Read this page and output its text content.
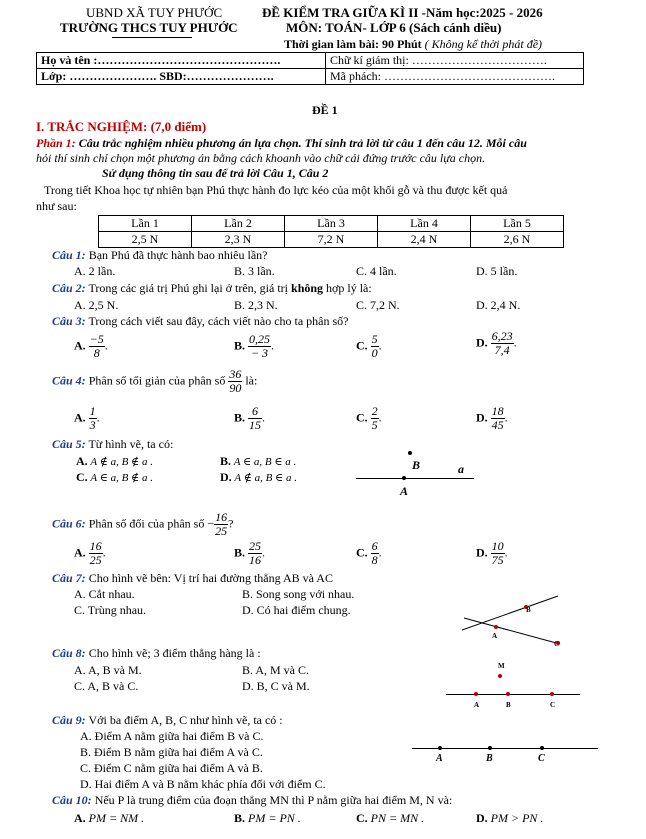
UBND XÃ TUY PHƯỚC
TRƯỜNG THCS TUY PHƯỚC
ĐỀ KIỂM TRA GIỮA KÌ II -Năm học:2025 - 2026
MÔN: TOÁN- LỚP 6 (Sách cánh diều)
Thời gian làm bài: 90 Phút ( Không kể thời phát đề)
Họ và tên :……………………………………….	Chữ kí giám thị: …………………………….
Lớp: …………………. SBD:………………….	Mã phách: …………………………………….
ĐỀ 1
I. TRẮC NGHIỆM: (7,0 điểm)
Phần 1: Câu trắc nghiệm nhiều phương án lựa chọn. Thí sinh trả lời từ câu 1 đến câu 12. Mỗi câu
hỏi thí sinh chỉ chọn một phương án bằng cách khoanh vào chữ cái đứng trước câu lựa chọn.
Sử dụng thông tin sau để trả lời Câu 1, Câu 2
Trong tiết Khoa học tự nhiên bạn Phú thực hành đo lực kéo của một khối gỗ và thu được kết quả
như sau:
Lần 1	Lần 2	Lần 3	Lần 4	Lần 5
2,5 N	2,3 N	7,2 N	2,4 N	2,6 N
Câu 1: Bạn Phú đã thực hành bao nhiêu lần?
A. 2 lần.	B. 3 lần.	C. 4 lần.	D. 5 lần.
Câu 2: Trong các giá trị Phú ghi lại ở trên, giá trị không hợp lý là:
A. 2,5 N.	B. 2,3 N.	C. 7,2 N.	D. 2,4 N.
Câu 3: Trong cách viết sau đây, cách viết nào cho ta phân số?
A. $\frac{-5}{8}$ .	B. $\frac{0,25}{- 3}$ .	C. $\frac{5}{0}$ .	D. $\frac{6,23}{7,4}$ .
Câu 4: Phân số tối giản của phân số $\frac{36}{90}$ là:
A. $\frac{1}{3}$ .	B. $\frac{6}{15}$ .	C. $\frac{2}{5}$ .	D. $\frac{18}{45}$ .
Câu 5: Từ hình vẽ, ta có:
A. A ∉ a, B ∉ a .	B. A ∈ a, B ∈ a .
C. A ∈ a, B ∉ a .	D. A ∉ a, B ∈ a .
B	a
A
Câu 6: Phân số đối của phân số − $\frac{16}{25}$ ?
A. $\frac{16}{25}$ .	B. $\frac{25}{16}$ .	C. $\frac{6}{8}$ .	D. $\frac{10}{75}$ .
Câu 7: Cho hình vẽ bên: Vị trí hai đường thẳng AB và AC
A. Cắt nhau.	B. Song song với nhau.
C. Trùng nhau.	D. Có hai điểm chung.	B
A
C
Câu 8: Cho hình vẽ; 3 điểm thẳng hàng là :
A. A, B và M.	B. A, M và C.
C. A, B và C.	D. B, C và M.
M
A	B	C
Câu 9: Với ba điểm A, B, C như hình vẽ, ta có :
A. Điểm A nằm giữa hai điểm B và C.
B. Điểm B nằm giữa hai điểm A và C.
C. Điểm C nằm giữa hai điểm A và B.
D. Hai điểm A và B nằm khác phía đối với điểm C.
A	B	C
Câu 10: Nếu P là trung điểm của đoạn thẳng MN thì P nằm giữa hai điểm M, N và:
A. PM = NM .	B. PM = PN .	C. PN = MN .	D. PM > PN .
